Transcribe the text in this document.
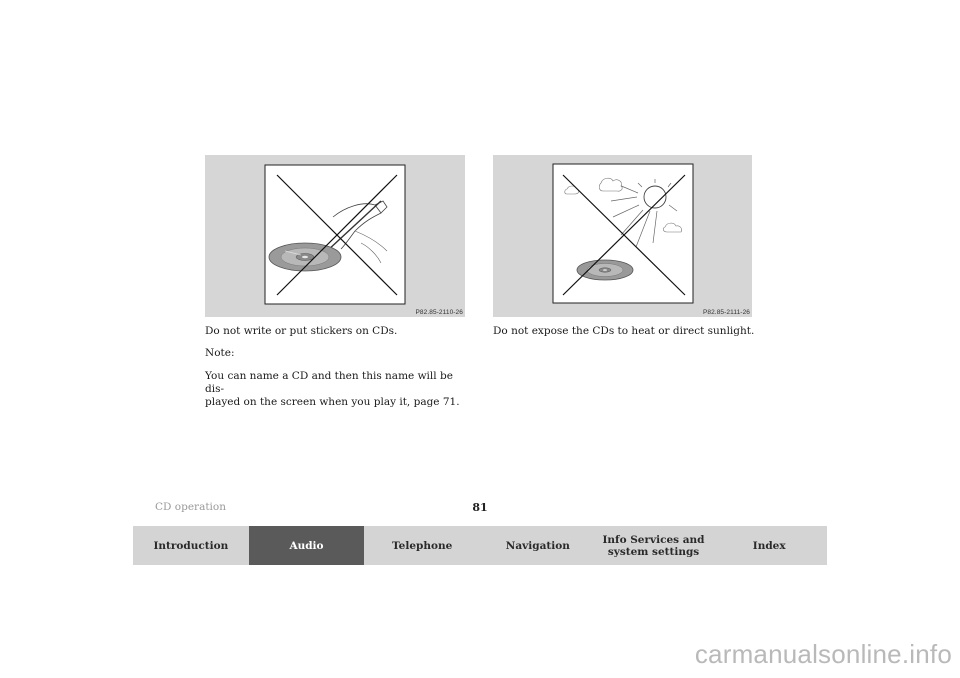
P82.85-2110-26	P82.85-2111-26

Do not write or put stickers on CDs.

Note:

You can name a CD and then this name will be dis-
played on the screen when you play it, page 71.

Do not expose the CDs to heat or direct sunlight.

CD operation	81
Introduction	Audio	Telephone	Navigation	Info Services and
system settings	Index
carmanualsonline.info
